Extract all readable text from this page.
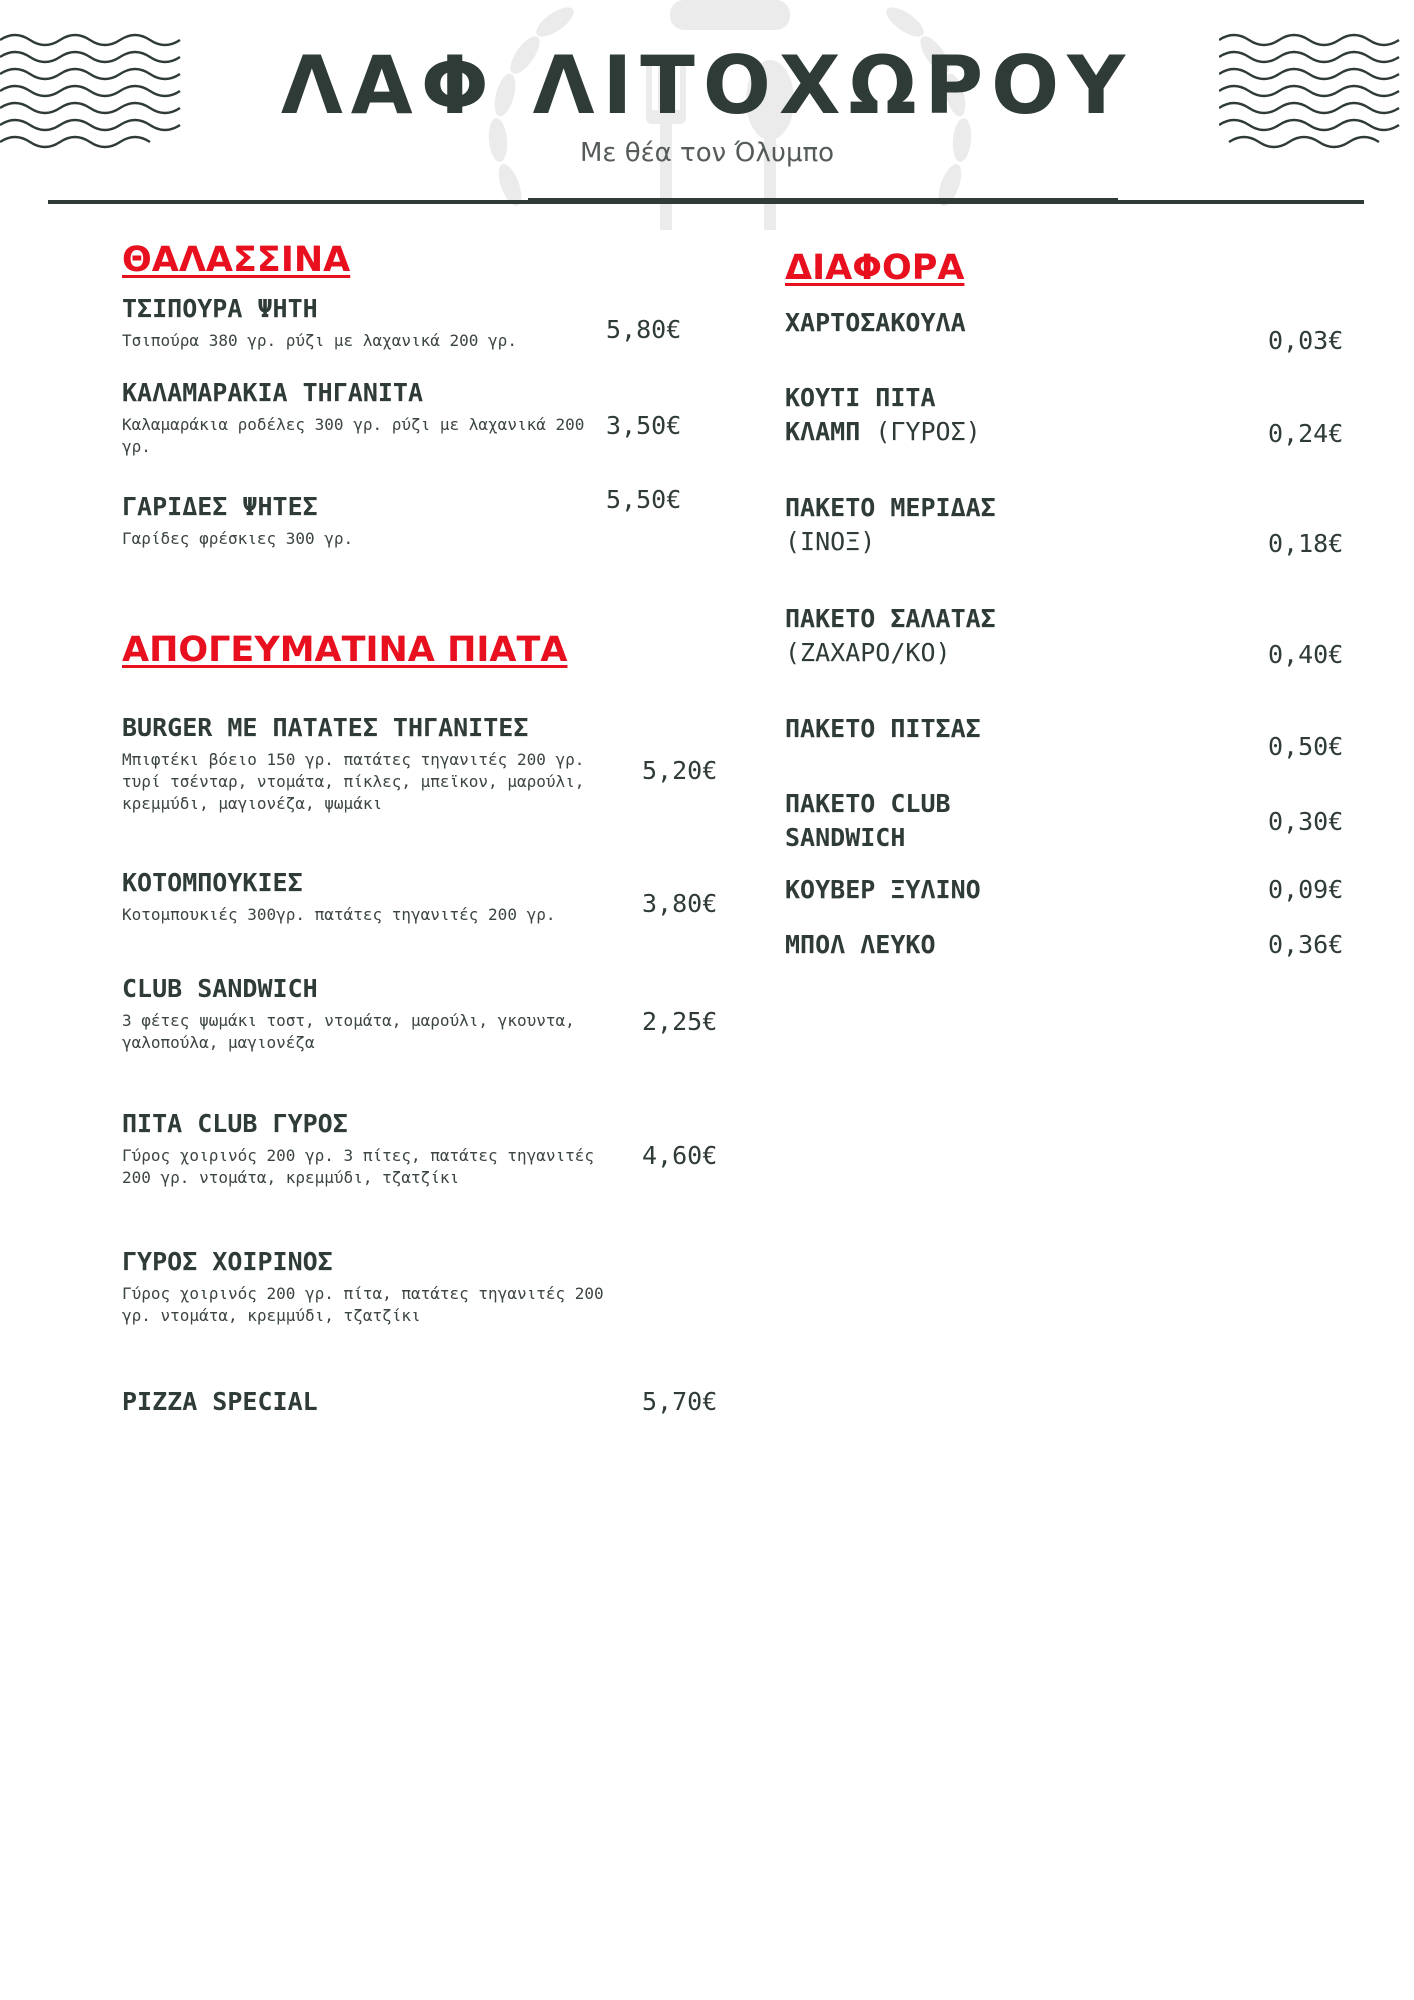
ΛΑΦ ΛΙΤΟΧΩΡΟΥ
Με θέα τον Όλυμπο
ΘΑΛΑΣΣΙΝΑ
ΤΣΙΠΟΥΡΑ ΨΗΤΗ
Τσιπούρα 380 γρ. ρύζι με λαχανικά 200 γρ.	5,80€
ΚΑΛΑΜΑΡΑΚΙΑ ΤΗΓΑΝΙΤΑ
Καλαμαράκια ροδέλες 300 γρ. ρύζι με λαχανικά 200 γρ.
3,50€
ΓΑΡΙΔΕΣ ΨΗΤΕΣ
Γαρίδες φρέσκιες 300 γρ.
5,50€
ΑΠΟΓΕΥΜΑΤΙΝΑ ΠΙΑΤΑ
BURGER ΜΕ ΠΑΤΑΤΕΣ ΤΗΓΑΝΙΤΕΣ
Μπιφτέκι βόειο 150 γρ. πατάτες τηγανιτές 200 γρ. τυρί τσένταρ, ντομάτα, πίκλες, μπεϊκον, μαρούλι, κρεμμύδι, μαγιονέζα, ψωμάκι
5,20€
ΚΟΤΟΜΠΟΥΚΙΕΣ
Κοτομπουκιές 300γρ. πατάτες τηγανιτές 200 γρ.	3,80€
CLUB SANDWICH
3 φέτες ψωμάκι τοστ, ντομάτα, μαρούλι, γκουντα, γαλοπούλα, μαγιονέζα
2,25€
ΠΙΤΑ CLUB ΓΥΡΟΣ
Γύρος χοιρινός 200 γρ. 3 πίτες, πατάτες τηγανιτές 200 γρ. ντομάτα, κρεμμύδι, τζατζίκι
4,60€
ΓΥΡΟΣ ΧΟΙΡΙΝΟΣ
Γύρος χοιρινός 200 γρ. πίτα, πατάτες τηγανιτές 200 γρ. ντομάτα, κρεμμύδι, τζατζίκι
PIZZA SPECIAL	5,70€
ΔΙΑΦΟΡΑ
ΧΑΡΤΟΣΑΚΟΥΛΑ
0,03€
ΚΟΥΤΙ ΠΙΤΑ
ΚΛΑΜΠ (ΓΥΡΟΣ)	0,24€
ΠΑΚΕΤΟ ΜΕΡΙΔΑΣ
(ΙΝΟΞ)	0,18€
ΠΑΚΕΤΟ ΣΑΛΑΤΑΣ
(ΖΑΧΑΡΟ/ΚΟ)	0,40€
ΠΑΚΕΤΟ ΠΙΤΣΑΣ
0,50€
ΠΑΚΕΤΟ CLUB
SANDWICH
0,30€
ΚΟΥΒΕΡ ΞΥΛΙΝΟ	0,09€
ΜΠΟΛ ΛΕΥΚΟ	0,36€
